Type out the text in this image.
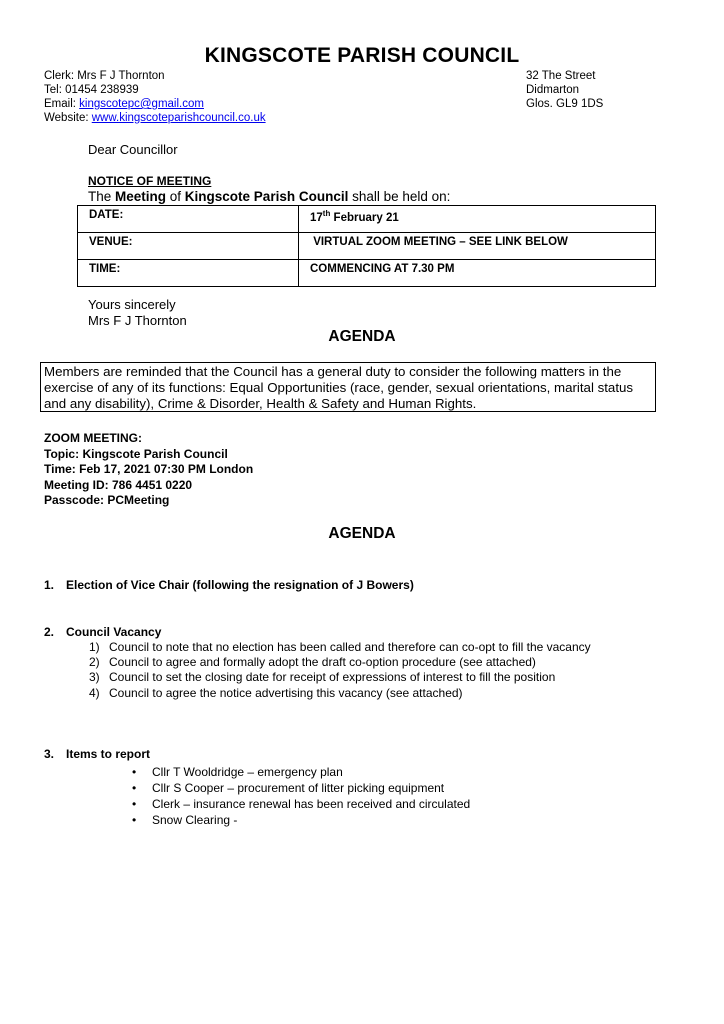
KINGSCOTE PARISH COUNCIL
Clerk: Mrs F J Thornton
Tel: 01454 238939
Email: kingscotepc@gmail.com
Website: www.kingscoteparishcouncil.co.uk
32 The Street
Didmarton
Glos. GL9 1DS
Dear Councillor
NOTICE OF MEETING
The Meeting of Kingscote Parish Council shall be held on:
DATE:	17th February 21
VENUE:	VIRTUAL ZOOM MEETING – SEE LINK BELOW
TIME:	COMMENCING AT 7.30 PM
Yours sincerely
Mrs F J Thornton
AGENDA
Members are reminded that the Council has a general duty to consider the following matters in the exercise of any of its functions: Equal Opportunities (race, gender, sexual orientations, marital status and any disability), Crime & Disorder, Health & Safety and Human Rights.
ZOOM MEETING:
Topic: Kingscote Parish Council
Time: Feb 17, 2021 07:30 PM London
Meeting ID: 786 4451 0220
Passcode: PCMeeting
AGENDA
1. Election of Vice Chair (following the resignation of J Bowers)
2. Council Vacancy
1) Council to note that no election has been called and therefore can co-opt to fill the vacancy
2) Council to agree and formally adopt the draft co-option procedure (see attached)
3) Council to set the closing date for receipt of expressions of interest to fill the position
4) Council to agree the notice advertising this vacancy (see attached)
3. Items to report
• Cllr T Wooldridge – emergency plan
• Cllr S Cooper – procurement of litter picking equipment
• Clerk – insurance renewal has been received and circulated
• Snow Clearing -
